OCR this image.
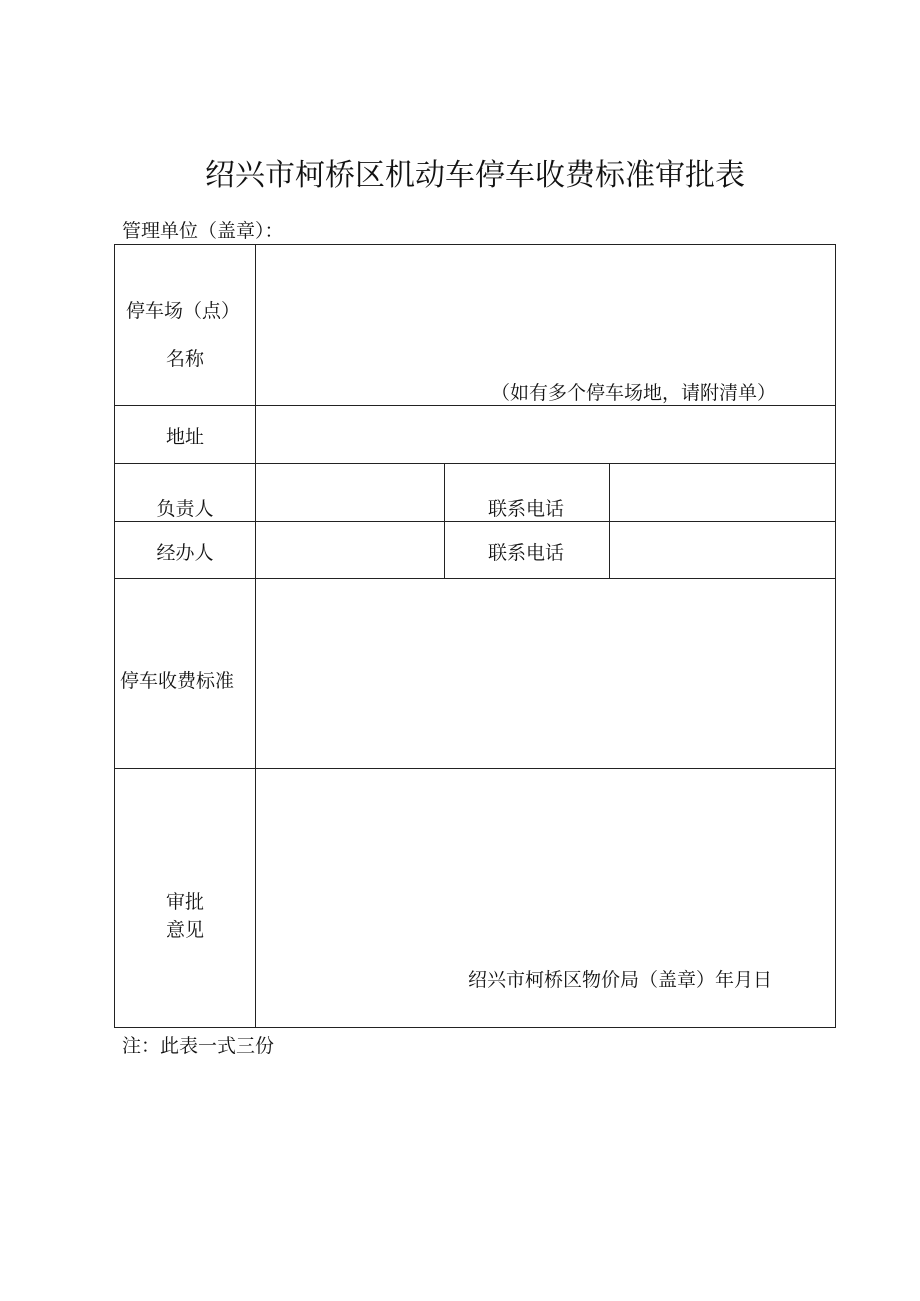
绍兴市柯桥区机动车停车收费标准审批表
管理单位（盖章）：
停车场（点）
名称
（如有多个停车场地，请附清单）
地址
负责人	联系电话
经办人	联系电话
停车收费标准
审批
意见
绍兴市柯桥区物价局（盖章）年月日
注：此表一式三份
